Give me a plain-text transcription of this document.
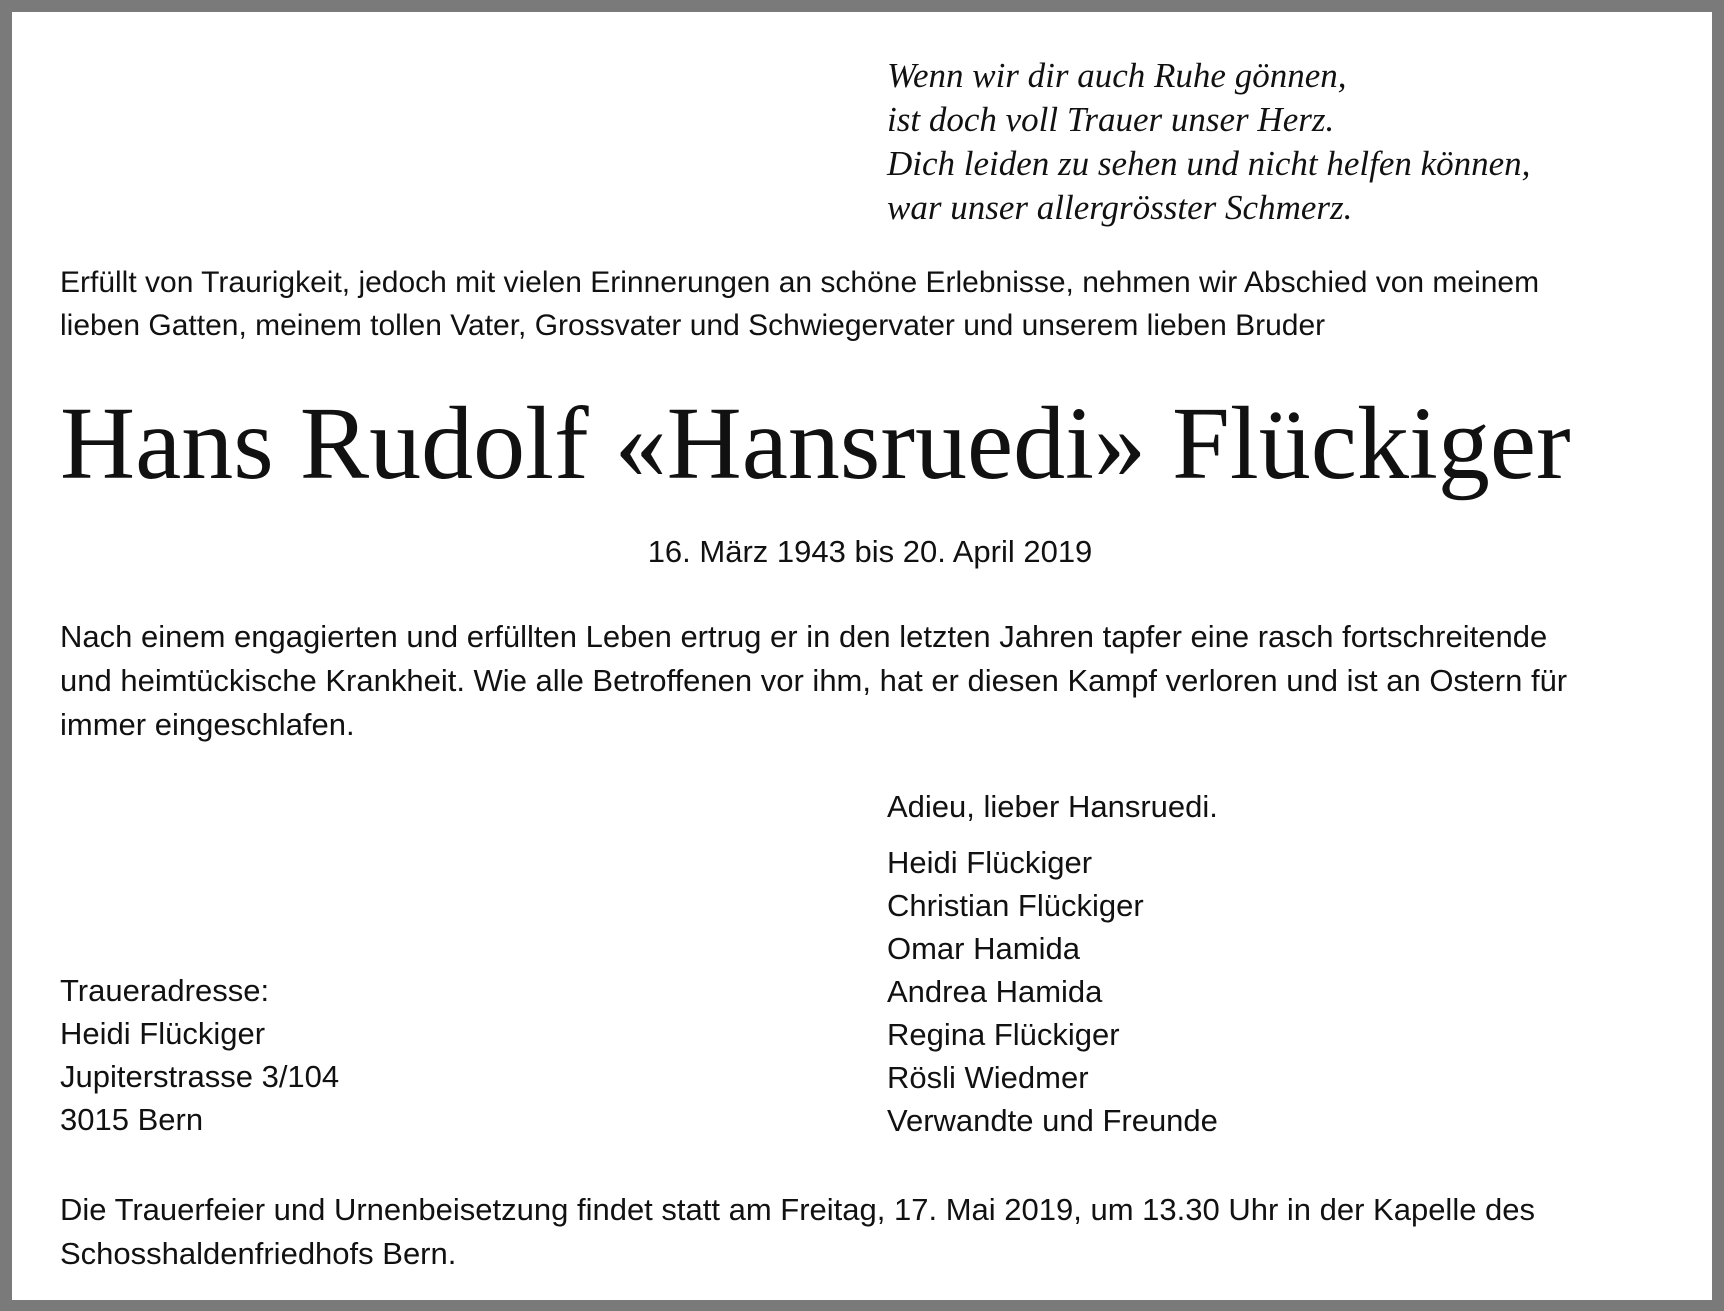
Wenn wir dir auch Ruhe gönnen,
ist doch voll Trauer unser Herz.
Dich leiden zu sehen und nicht helfen können,
war unser allergrösster Schmerz.
Erfüllt von Traurigkeit, jedoch mit vielen Erinnerungen an schöne Erlebnisse, nehmen wir Abschied von meinem
lieben Gatten, meinem tollen Vater, Grossvater und Schwiegervater und unserem lieben Bruder
Hans Rudolf «Hansruedi» Flückiger
16. März 1943 bis 20. April 2019
Nach einem engagierten und erfüllten Leben ertrug er in den letzten Jahren tapfer eine rasch fortschreitende
und heimtückische Krankheit. Wie alle Betroffenen vor ihm, hat er diesen Kampf verloren und ist an Ostern für
immer eingeschlafen.
Adieu, lieber Hansruedi.
Heidi Flückiger
Christian Flückiger
Omar Hamida
Andrea Hamida
Regina Flückiger
Rösli Wiedmer
Verwandte und Freunde
Traueradresse:
Heidi Flückiger
Jupiterstrasse 3/104
3015 Bern
Die Trauerfeier und Urnenbeisetzung findet statt am Freitag, 17. Mai 2019, um 13.30 Uhr in der Kapelle des
Schosshaldenfriedhofs Bern.
